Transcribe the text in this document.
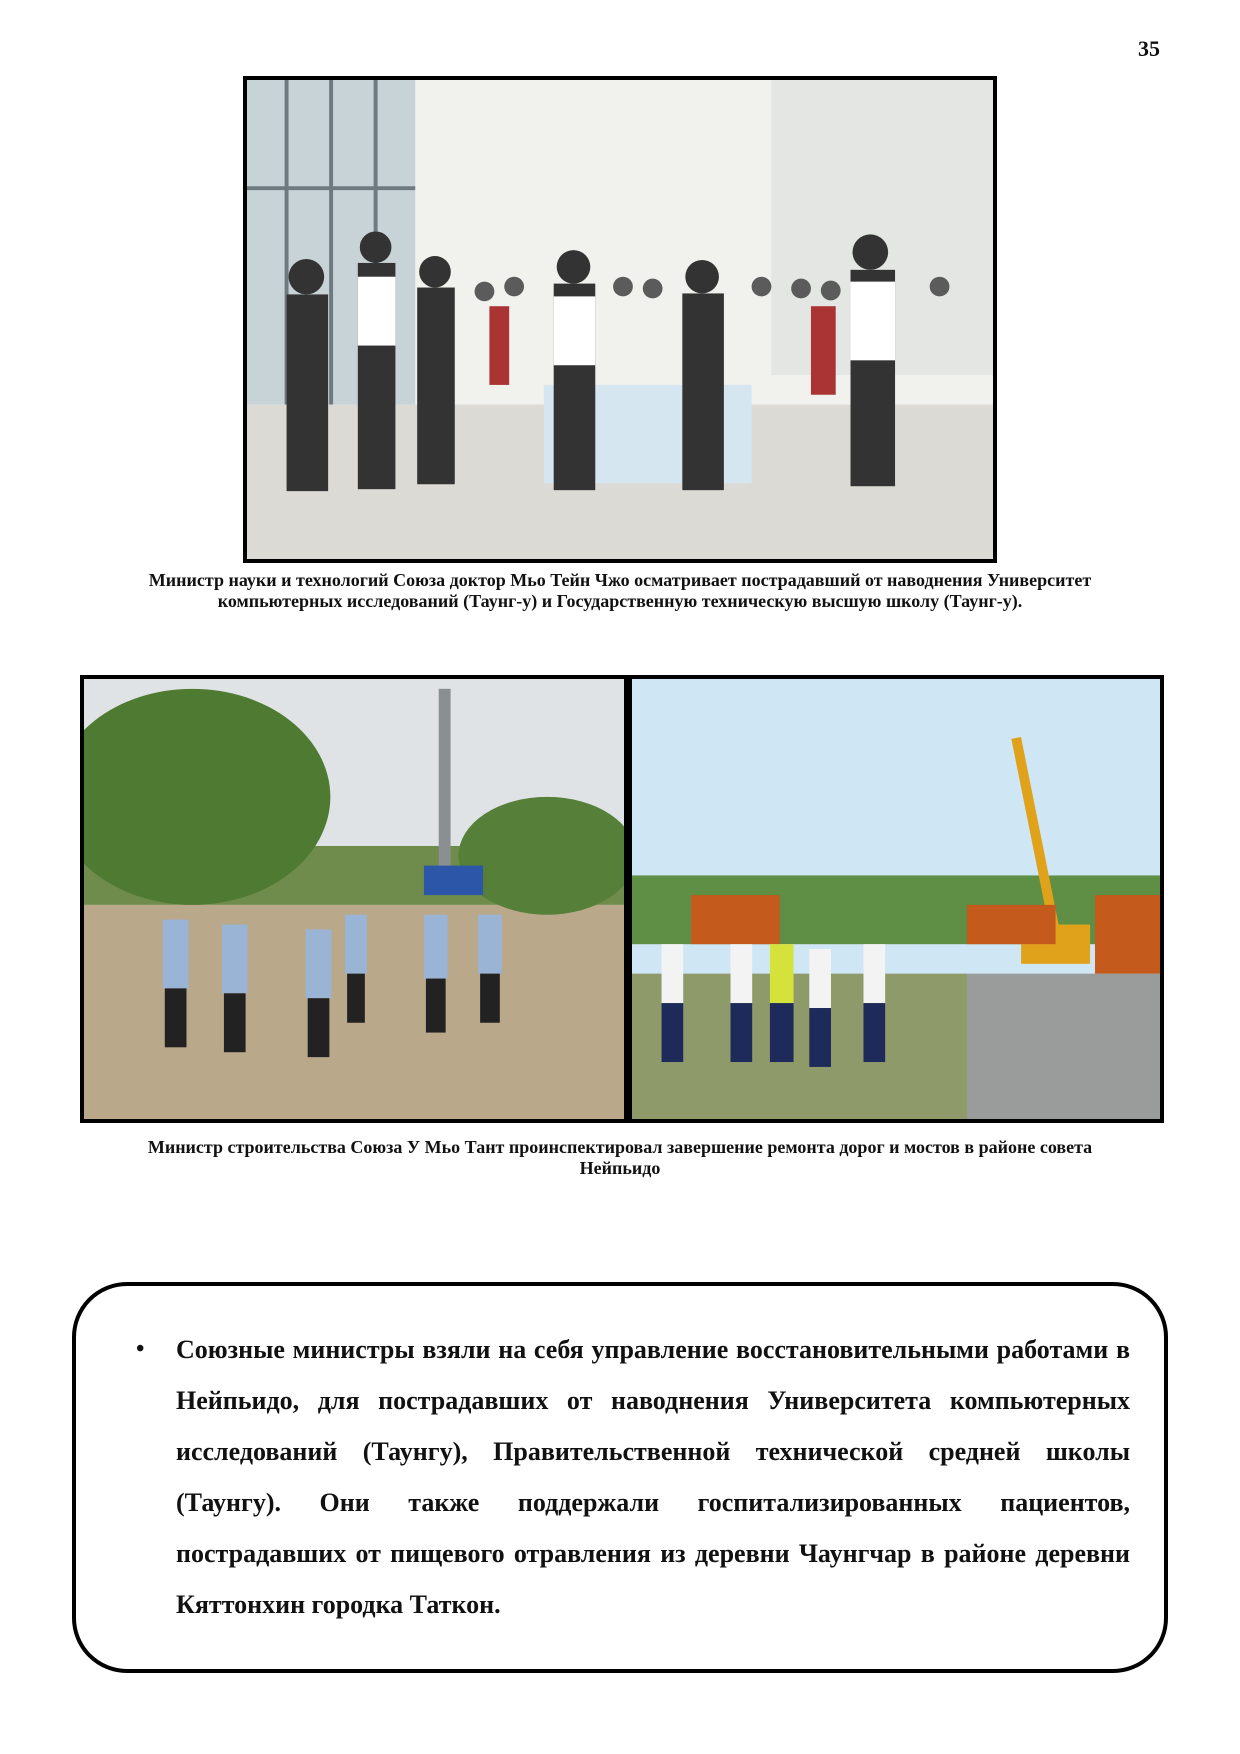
35
Министр науки и технологий Союза доктор Мьо Тейн Чжо осматривает пострадавший от наводнения Университет компьютерных исследований (Таунг-у) и Государственную техническую высшую школу (Таунг-у).
Министр строительства Союза У Мьо Тант проинспектировал завершение ремонта дорог и мостов в районе совета Нейпьидо
• Союзные министры взяли на себя управление восстановительными работами в Нейпьидо, для пострадавших от наводнения Университета компьютерных исследований (Таунгу), Правительственной технической средней школы (Таунгу). Они также поддержали госпитализированных пациентов, пострадавших от пищевого отравления из деревни Чаунгчар в районе деревни Кяттонхин городка Таткон.
